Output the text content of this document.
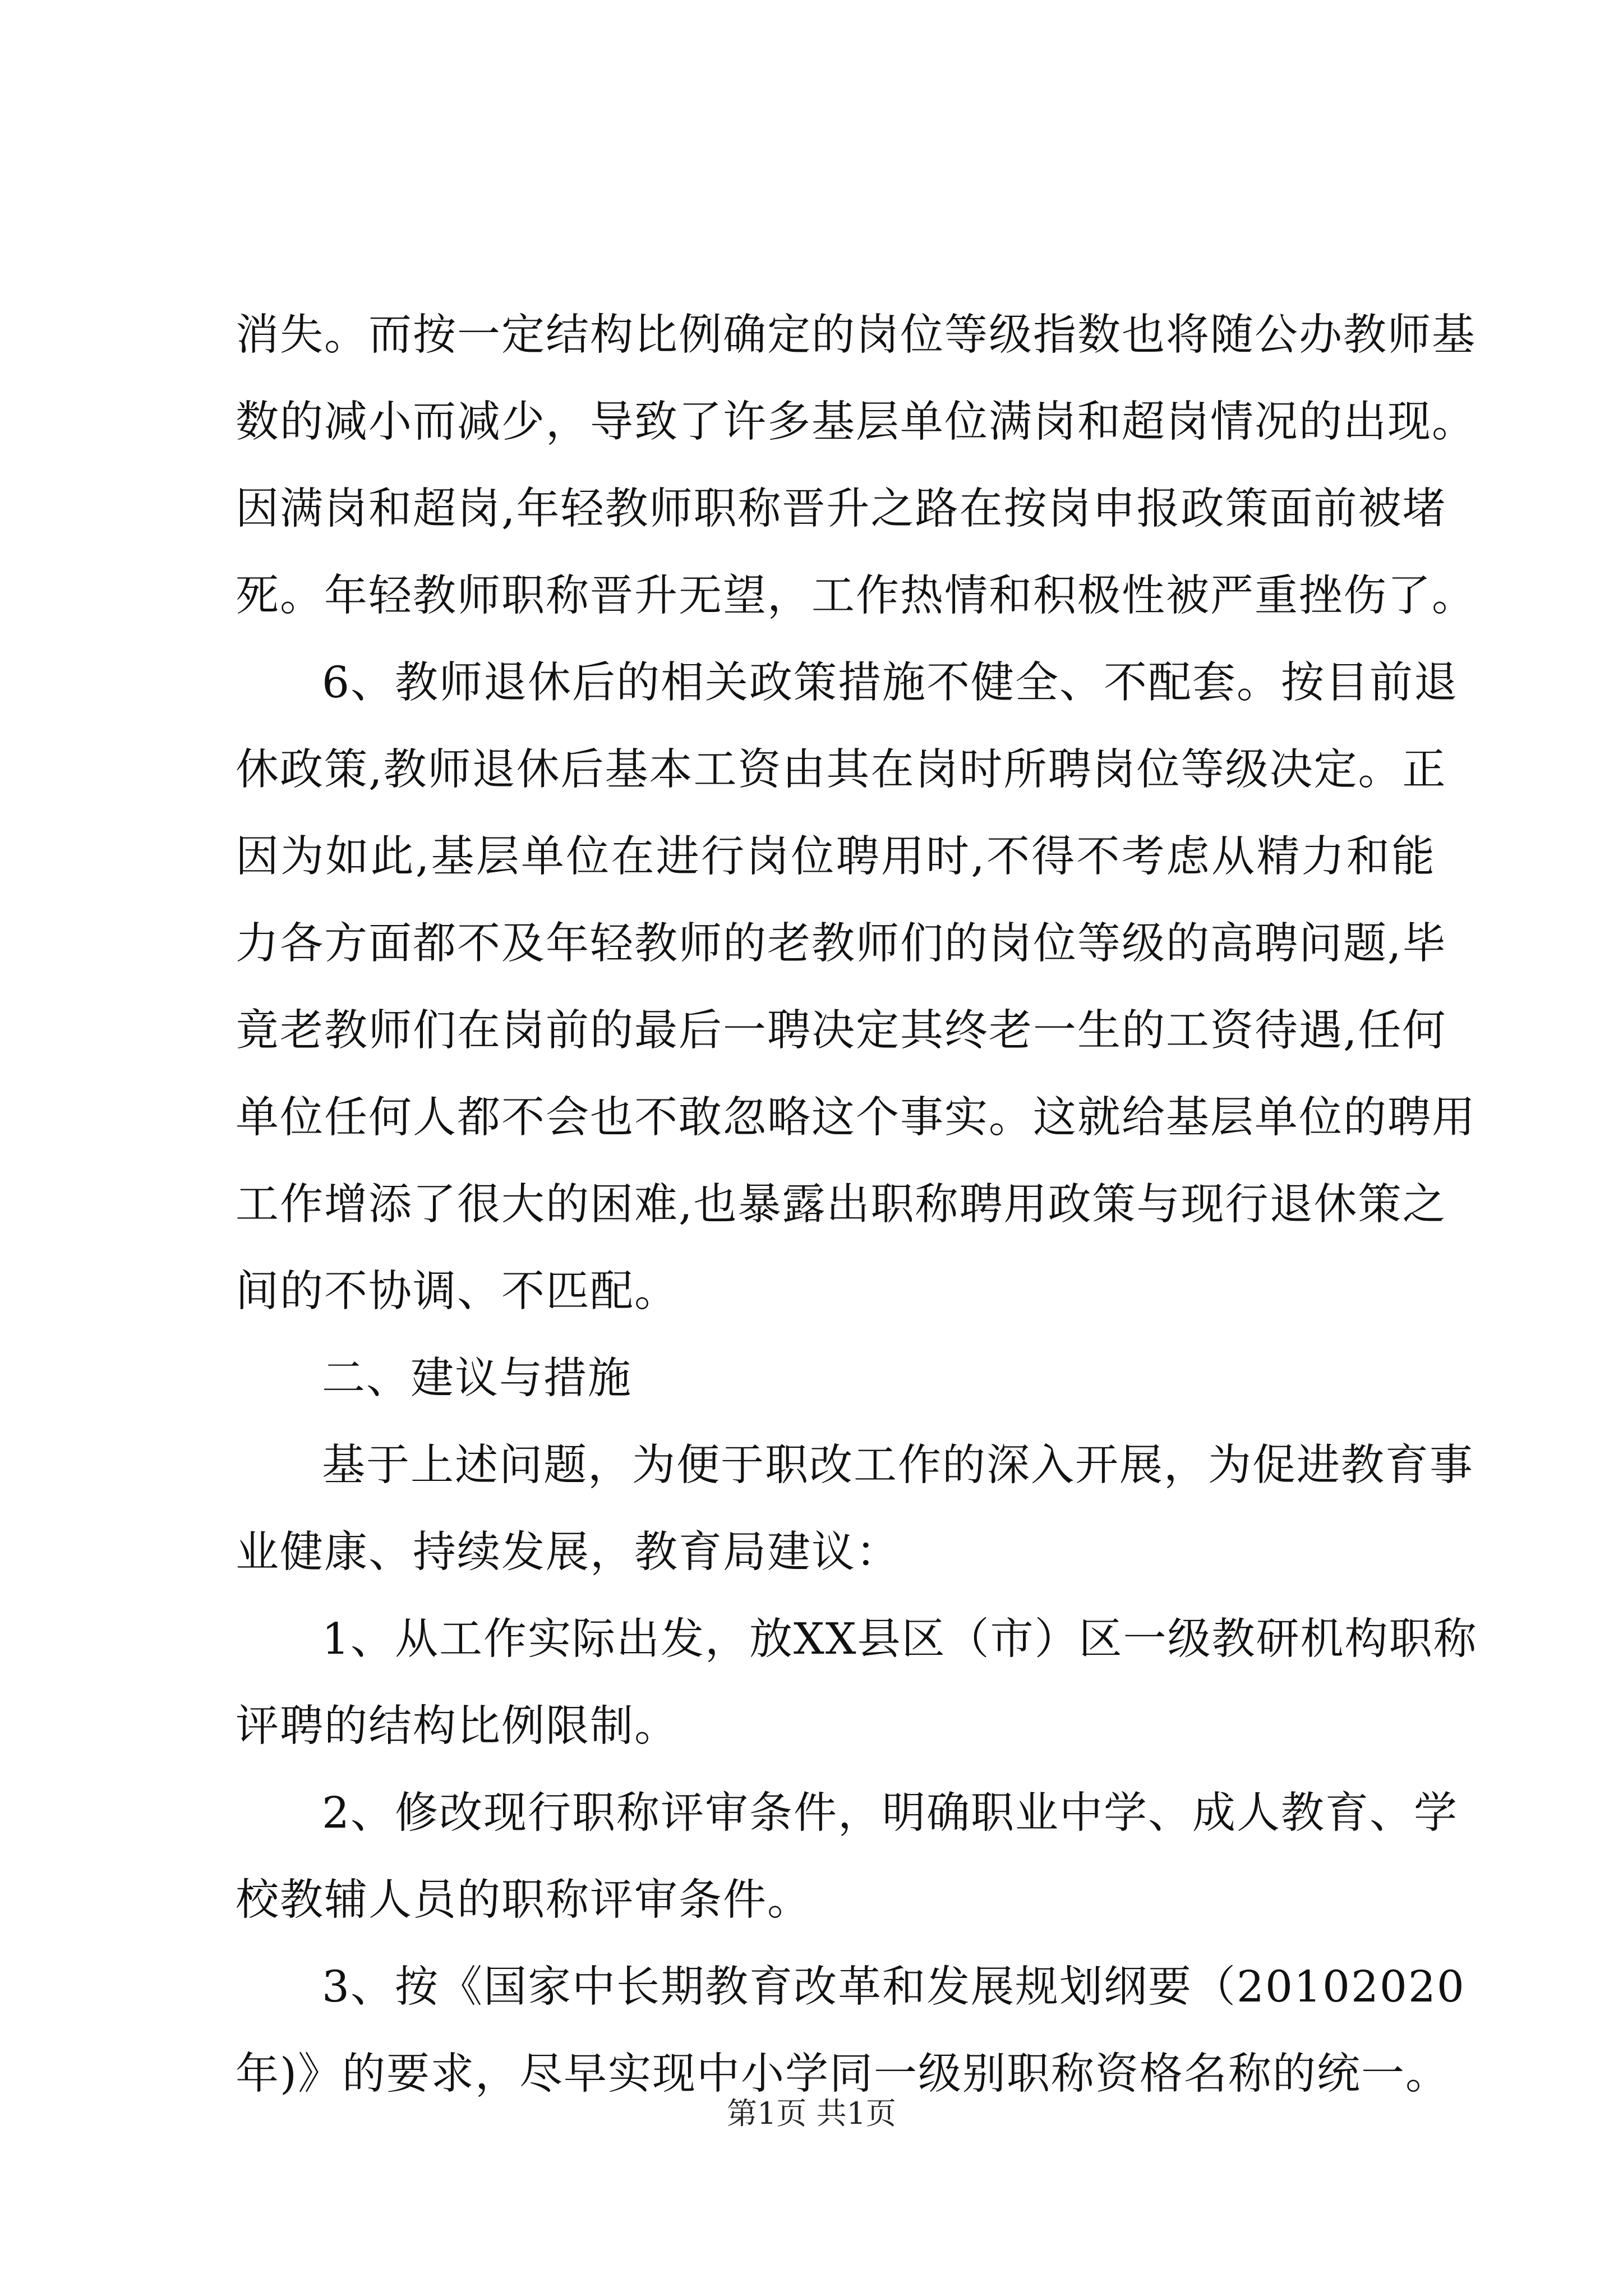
消失。而按一定结构比例确定的岗位等级指数也将随公办教师基
数的减小而减少，导致了许多基层单位满岗和超岗情况的出现。
因满岗和超岗,年轻教师职称晋升之路在按岗申报政策面前被堵
死。年轻教师职称晋升无望，工作热情和积极性被严重挫伤了。
6、教师退休后的相关政策措施不健全、不配套。按目前退
休政策,教师退休后基本工资由其在岗时所聘岗位等级决定。正
因为如此,基层单位在进行岗位聘用时,不得不考虑从精力和能
力各方面都不及年轻教师的老教师们的岗位等级的高聘问题,毕
竟老教师们在岗前的最后一聘决定其终老一生的工资待遇,任何
单位任何人都不会也不敢忽略这个事实。这就给基层单位的聘用
工作增添了很大的困难,也暴露出职称聘用政策与现行退休策之
间的不协调、不匹配。
二、建议与措施
基于上述问题，为便于职改工作的深入开展，为促进教育事
业健康、持续发展，教育局建议：
1、从工作实际出发，放XX县区（市）区一级教研机构职称
评聘的结构比例限制。
2、修改现行职称评审条件，明确职业中学、成人教育、学
校教辅人员的职称评审条件。
3、按《国家中长期教育改革和发展规划纲要（20102020
年)》的要求，尽早实现中小学同一级别职称资格名称的统一。
第1页 共1页
